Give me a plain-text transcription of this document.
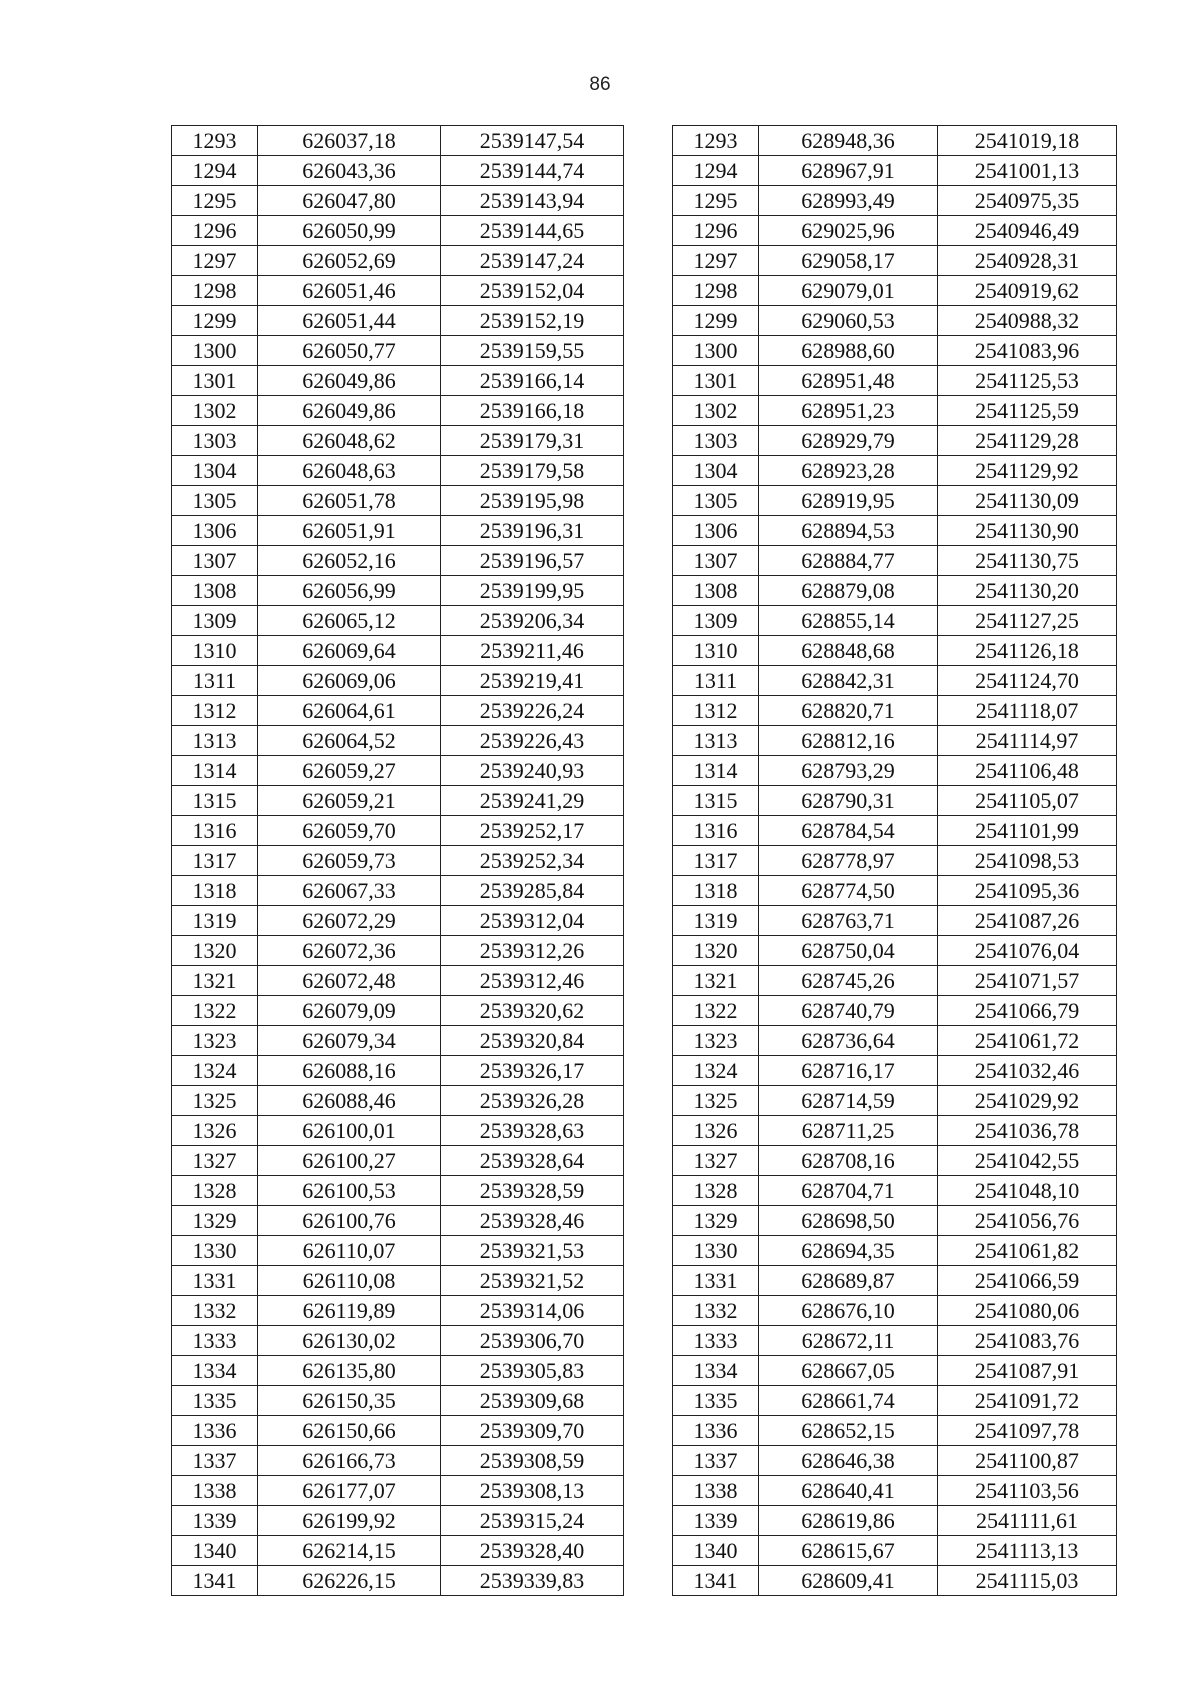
86
1293	626037,18	2539147,54		1293	628948,36	2541019,18
1294	626043,36	2539144,74		1294	628967,91	2541001,13
1295	626047,80	2539143,94		1295	628993,49	2540975,35
1296	626050,99	2539144,65		1296	629025,96	2540946,49
1297	626052,69	2539147,24		1297	629058,17	2540928,31
1298	626051,46	2539152,04		1298	629079,01	2540919,62
1299	626051,44	2539152,19		1299	629060,53	2540988,32
1300	626050,77	2539159,55		1300	628988,60	2541083,96
1301	626049,86	2539166,14		1301	628951,48	2541125,53
1302	626049,86	2539166,18		1302	628951,23	2541125,59
1303	626048,62	2539179,31		1303	628929,79	2541129,28
1304	626048,63	2539179,58		1304	628923,28	2541129,92
1305	626051,78	2539195,98		1305	628919,95	2541130,09
1306	626051,91	2539196,31		1306	628894,53	2541130,90
1307	626052,16	2539196,57		1307	628884,77	2541130,75
1308	626056,99	2539199,95		1308	628879,08	2541130,20
1309	626065,12	2539206,34		1309	628855,14	2541127,25
1310	626069,64	2539211,46		1310	628848,68	2541126,18
1311	626069,06	2539219,41		1311	628842,31	2541124,70
1312	626064,61	2539226,24		1312	628820,71	2541118,07
1313	626064,52	2539226,43		1313	628812,16	2541114,97
1314	626059,27	2539240,93		1314	628793,29	2541106,48
1315	626059,21	2539241,29		1315	628790,31	2541105,07
1316	626059,70	2539252,17		1316	628784,54	2541101,99
1317	626059,73	2539252,34		1317	628778,97	2541098,53
1318	626067,33	2539285,84		1318	628774,50	2541095,36
1319	626072,29	2539312,04		1319	628763,71	2541087,26
1320	626072,36	2539312,26		1320	628750,04	2541076,04
1321	626072,48	2539312,46		1321	628745,26	2541071,57
1322	626079,09	2539320,62		1322	628740,79	2541066,79
1323	626079,34	2539320,84		1323	628736,64	2541061,72
1324	626088,16	2539326,17		1324	628716,17	2541032,46
1325	626088,46	2539326,28		1325	628714,59	2541029,92
1326	626100,01	2539328,63		1326	628711,25	2541036,78
1327	626100,27	2539328,64		1327	628708,16	2541042,55
1328	626100,53	2539328,59		1328	628704,71	2541048,10
1329	626100,76	2539328,46		1329	628698,50	2541056,76
1330	626110,07	2539321,53		1330	628694,35	2541061,82
1331	626110,08	2539321,52		1331	628689,87	2541066,59
1332	626119,89	2539314,06		1332	628676,10	2541080,06
1333	626130,02	2539306,70		1333	628672,11	2541083,76
1334	626135,80	2539305,83		1334	628667,05	2541087,91
1335	626150,35	2539309,68		1335	628661,74	2541091,72
1336	626150,66	2539309,70		1336	628652,15	2541097,78
1337	626166,73	2539308,59		1337	628646,38	2541100,87
1338	626177,07	2539308,13		1338	628640,41	2541103,56
1339	626199,92	2539315,24		1339	628619,86	2541111,61
1340	626214,15	2539328,40		1340	628615,67	2541113,13
1341	626226,15	2539339,83		1341	628609,41	2541115,03
